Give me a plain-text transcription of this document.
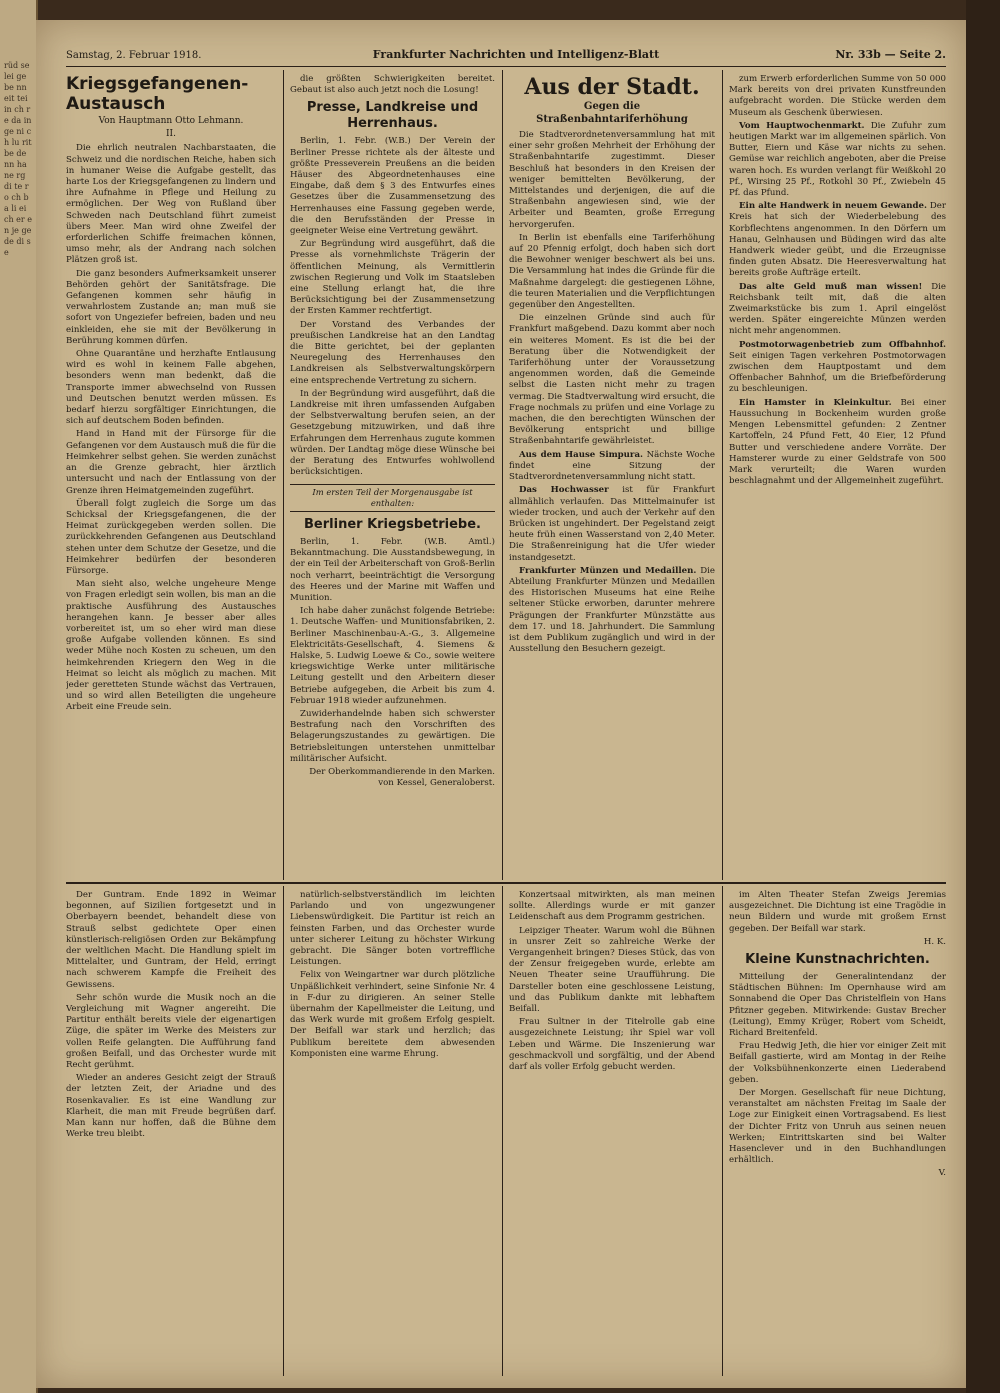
rüd se lei ge be nn eit tei in ch re da in ge ni ch lu rit be de nn ha ne rg di te ro ch ba li ei ch er en je ge de di se
Samstag, 2. Februar 1918.	Frankfurter Nachrichten und Intelligenz-Blatt	Nr. 33b — Seite 2.
Kriegsgefangenen-Austausch
Von Hauptmann Otto Lehmann.
II.

Die ehrlich neutralen Nachbarstaaten, die Schweiz und die nordischen Reiche, haben sich in humaner Weise die Aufgabe gestellt, das harte Los der Kriegsgefangenen zu lindern und ihre Aufnahme in Pflege und Heilung zu ermöglichen. Der Weg von Rußland über Schweden nach Deutschland führt zumeist übers Meer. Man wird ohne Zweifel der erforderlichen Schiffe freimachen können, umso mehr, als der Andrang nach solchen Plätzen groß ist.

Die ganz besonders Aufmerksamkeit unserer Behörden gehört der Sanitätsfrage. Die Gefangenen kommen sehr häufig in verwahrlostem Zustande an; man muß sie sofort von Ungeziefer befreien, baden und neu einkleiden, ehe sie mit der Bevölkerung in Berührung kommen dürfen.

Ohne Quarantäne und herzhafte Entlausung wird es wohl in keinem Falle abgehen, besonders wenn man bedenkt, daß die Transporte immer abwechselnd von Russen und Deutschen benutzt werden müssen. Es bedarf hierzu sorgfältiger Einrichtungen, die sich auf deutschem Boden befinden.

Hand in Hand mit der Fürsorge für die Gefangenen vor dem Austausch muß die für die Heimkehrer selbst gehen. Sie werden zunächst an die Grenze gebracht, hier ärztlich untersucht und nach der Entlassung von der Grenze ihren Heimatgemeinden zugeführt.

Überall folgt zugleich die Sorge um das Schicksal der Kriegsgefangenen, die der Heimat zurückgegeben werden sollen. Die zurückkehrenden Gefangenen aus Deutschland stehen unter dem Schutze der Gesetze, und die Heimkehrer bedürfen der besonderen Fürsorge.

Man sieht also, welche ungeheure Menge von Fragen erledigt sein wollen, bis man an die praktische Ausführung des Austausches herangehen kann. Je besser aber alles vorbereitet ist, um so eher wird man diese große Aufgabe vollenden können. Es sind weder Mühe noch Kosten zu scheuen, um den heimkehrenden Kriegern den Weg in die Heimat so leicht als möglich zu machen. Mit jeder geretteten Stunde wächst das Vertrauen, und so wird allen Beteiligten die ungeheure Arbeit eine Freude sein.

die größten Schwierigkeiten bereitet. Gebaut ist also auch jetzt noch die Losung!

Presse, Landkreise und Herrenhaus.

Berlin, 1. Febr. (W.B.) Der Verein der Berliner Presse richtete als der älteste und größte Presseverein Preußens an die beiden Häuser des Abgeordnetenhauses eine Eingabe, daß dem § 3 des Entwurfes eines Gesetzes über die Zusammensetzung des Herrenhauses eine Fassung gegeben werde, die den Berufsständen der Presse in geeigneter Weise eine Vertretung gewährt.

Zur Begründung wird ausgeführt, daß die Presse als vornehmlichste Trägerin der öffentlichen Meinung, als Vermittlerin zwischen Regierung und Volk im Staatsleben eine Stellung erlangt hat, die ihre Berücksichtigung bei der Zusammensetzung der Ersten Kammer rechtfertigt.

Der Vorstand des Verbandes der preußischen Landkreise hat an den Landtag die Bitte gerichtet, bei der geplanten Neuregelung des Herrenhauses den Landkreisen als Selbstverwaltungskörpern eine entsprechende Vertretung zu sichern.

In der Begründung wird ausgeführt, daß die Landkreise mit ihren umfassenden Aufgaben der Selbstverwaltung berufen seien, an der Gesetzgebung mitzuwirken, und daß ihre Erfahrungen dem Herrenhaus zugute kommen würden. Der Landtag möge diese Wünsche bei der Beratung des Entwurfes wohlwollend berücksichtigen.

Im ersten Teil der Morgenausgabe ist enthalten:
Berliner Kriegsbetriebe.

Berlin, 1. Febr. (W.B. Amtl.) Bekanntmachung. Die Ausstandsbewegung, in der ein Teil der Arbeiterschaft von Groß-Berlin noch verharrt, beeinträchtigt die Versorgung des Heeres und der Marine mit Waffen und Munition.

Ich habe daher zunächst folgende Betriebe: 1. Deutsche Waffen- und Munitionsfabriken, 2. Berliner Maschinenbau-A.-G., 3. Allgemeine Elektricitäts-Gesellschaft, 4. Siemens & Halske, 5. Ludwig Loewe & Co., sowie weitere kriegswichtige Werke unter militärische Leitung gestellt und den Arbeitern dieser Betriebe aufgegeben, die Arbeit bis zum 4. Februar 1918 wieder aufzunehmen.

Zuwiderhandelnde haben sich schwerster Bestrafung nach den Vorschriften des Belagerungszustandes zu gewärtigen. Die Betriebsleitungen unterstehen unmittelbar militärischer Aufsicht.

Der Oberkommandierende in den Marken. von Kessel, Generaloberst.

Aus der Stadt.
Gegen die Straßenbahntariferhöhung

Die Stadtverordnetenversammlung hat mit einer sehr großen Mehrheit der Erhöhung der Straßenbahntarife zugestimmt. Dieser Beschluß hat besonders in den Kreisen der weniger bemittelten Bevölkerung, der Mittelstandes und derjenigen, die auf die Straßenbahn angewiesen sind, wie der Arbeiter und Beamten, große Erregung hervorgerufen.

In Berlin ist ebenfalls eine Tariferhöhung auf 20 Pfennig erfolgt, doch haben sich dort die Bewohner weniger beschwert als bei uns. Die Versammlung hat indes die Gründe für die Maßnahme dargelegt: die gestiegenen Löhne, die teuren Materialien und die Verpflichtungen gegenüber den Angestellten.

Die einzelnen Gründe sind auch für Frankfurt maßgebend. Dazu kommt aber noch ein weiteres Moment. Es ist die bei der Beratung über die Notwendigkeit der Tariferhöhung unter der Voraussetzung angenommen worden, daß die Gemeinde selbst die Lasten nicht mehr zu tragen vermag. Die Stadtverwaltung wird ersucht, die Frage nochmals zu prüfen und eine Vorlage zu machen, die den berechtigten Wünschen der Bevölkerung entspricht und billige Straßenbahntarife gewährleistet.

Aus dem Hause Simpura. Nächste Woche findet eine Sitzung der Stadtverordnetenversammlung nicht statt.

Das Hochwasser ist für Frankfurt allmählich verlaufen. Das Mittelmainufer ist wieder trocken, und auch der Verkehr auf den Brücken ist ungehindert. Der Pegelstand zeigt heute früh einen Wasserstand von 2,40 Meter. Die Straßenreinigung hat die Ufer wieder instandgesetzt.

Frankfurter Münzen und Medaillen. Die Abteilung Frankfurter Münzen und Medaillen des Historischen Museums hat eine Reihe seltener Stücke erworben, darunter mehrere Prägungen der Frankfurter Münzstätte aus dem 17. und 18. Jahrhundert. Die Sammlung ist dem Publikum zugänglich und wird in der Ausstellung den Besuchern gezeigt.

zum Erwerb erforderlichen Summe von 50 000 Mark bereits von drei privaten Kunstfreunden aufgebracht worden. Die Stücke werden dem Museum als Geschenk überwiesen.

Vom Hauptwochenmarkt. Die Zufuhr zum heutigen Markt war im allgemeinen spärlich. Von Butter, Eiern und Käse war nichts zu sehen. Gemüse war reichlich angeboten, aber die Preise waren hoch. Es wurden verlangt für Weißkohl 20 Pf., Wirsing 25 Pf., Rotkohl 30 Pf., Zwiebeln 45 Pf. das Pfund.

Ein alte Handwerk in neuem Gewande. Der Kreis hat sich der Wiederbelebung des Korbflechtens angenommen. In den Dörfern um Hanau, Gelnhausen und Büdingen wird das alte Handwerk wieder geübt, und die Erzeugnisse finden guten Absatz. Die Heeresverwaltung hat bereits große Aufträge erteilt.

Das alte Geld muß man wissen! Die Reichsbank teilt mit, daß die alten Zweimarkstücke bis zum 1. April eingelöst werden. Später eingereichte Münzen werden nicht mehr angenommen.

Postmotorwagenbetrieb zum Offbahnhof. Seit einigen Tagen verkehren Postmotorwagen zwischen dem Hauptpostamt und dem Offenbacher Bahnhof, um die Briefbeförderung zu beschleunigen.

Ein Hamster in Kleinkultur. Bei einer Haussuchung in Bockenheim wurden große Mengen Lebensmittel gefunden: 2 Zentner Kartoffeln, 24 Pfund Fett, 40 Eier, 12 Pfund Butter und verschiedene andere Vorräte. Der Hamsterer wurde zu einer Geldstrafe von 500 Mark verurteilt; die Waren wurden beschlagnahmt und der Allgemeinheit zugeführt.

Der Guntram. Ende 1892 in Weimar begonnen, auf Sizilien fortgesetzt und in Oberbayern beendet, behandelt diese von Strauß selbst gedichtete Oper einen künstlerisch-religiösen Orden zur Bekämpfung der weltlichen Macht. Die Handlung spielt im Mittelalter, und Guntram, der Held, erringt nach schwerem Kampfe die Freiheit des Gewissens.

Sehr schön wurde die Musik noch an die Vergleichung mit Wagner angereiht. Die Partitur enthält bereits viele der eigenartigen Züge, die später im Werke des Meisters zur vollen Reife gelangten. Die Aufführung fand großen Beifall, und das Orchester wurde mit Recht gerühmt.

Wieder an anderes Gesicht zeigt der Strauß der letzten Zeit, der Ariadne und des Rosenkavalier. Es ist eine Wandlung zur Klarheit, die man mit Freude begrüßen darf. Man kann nur hoffen, daß die Bühne dem Werke treu bleibt.

natürlich-selbstverständlich im leichten Parlando und von ungezwungener Liebenswürdigkeit. Die Partitur ist reich an feinsten Farben, und das Orchester wurde unter sicherer Leitung zu höchster Wirkung gebracht. Die Sänger boten vortreffliche Leistungen.

Felix von Weingartner war durch plötzliche Unpäßlichkeit verhindert, seine Sinfonie Nr. 4 in F-dur zu dirigieren. An seiner Stelle übernahm der Kapellmeister die Leitung, und das Werk wurde mit großem Erfolg gespielt. Der Beifall war stark und herzlich; das Publikum bereitete dem abwesenden Komponisten eine warme Ehrung.

Konzertsaal mitwirkten, als man meinen sollte. Allerdings wurde er mit ganzer Leidenschaft aus dem Programm gestrichen.

Leipziger Theater. Warum wohl die Bühnen in unsrer Zeit so zahlreiche Werke der Vergangenheit bringen? Dieses Stück, das von der Zensur freigegeben wurde, erlebte am Neuen Theater seine Uraufführung. Die Darsteller boten eine geschlossene Leistung, und das Publikum dankte mit lebhaftem Beifall.

Frau Sultner in der Titelrolle gab eine ausgezeichnete Leistung; ihr Spiel war voll Leben und Wärme. Die Inszenierung war geschmackvoll und sorgfältig, und der Abend darf als voller Erfolg gebucht werden.

im Alten Theater Stefan Zweigs Jeremias ausgezeichnet. Die Dichtung ist eine Tragödie in neun Bildern und wurde mit großem Ernst gegeben. Der Beifall war stark.

H. K.

Kleine Kunstnachrichten.

Mitteilung der Generalintendanz der Städtischen Bühnen: Im Opernhause wird am Sonnabend die Oper Das Christelflein von Hans Pfitzner gegeben. Mitwirkende: Gustav Brecher (Leitung), Emmy Krüger, Robert vom Scheidt, Richard Breitenfeld.

Frau Hedwig Jeth, die hier vor einiger Zeit mit Beifall gastierte, wird am Montag in der Reihe der Volksbühnenkonzerte einen Liederabend geben.

Der Morgen. Gesellschaft für neue Dichtung, veranstaltet am nächsten Freitag im Saale der Loge zur Einigkeit einen Vortragsabend. Es liest der Dichter Fritz von Unruh aus seinen neuen Werken; Eintrittskarten sind bei Walter Hasenclever und in den Buchhandlungen erhältlich.

V.
